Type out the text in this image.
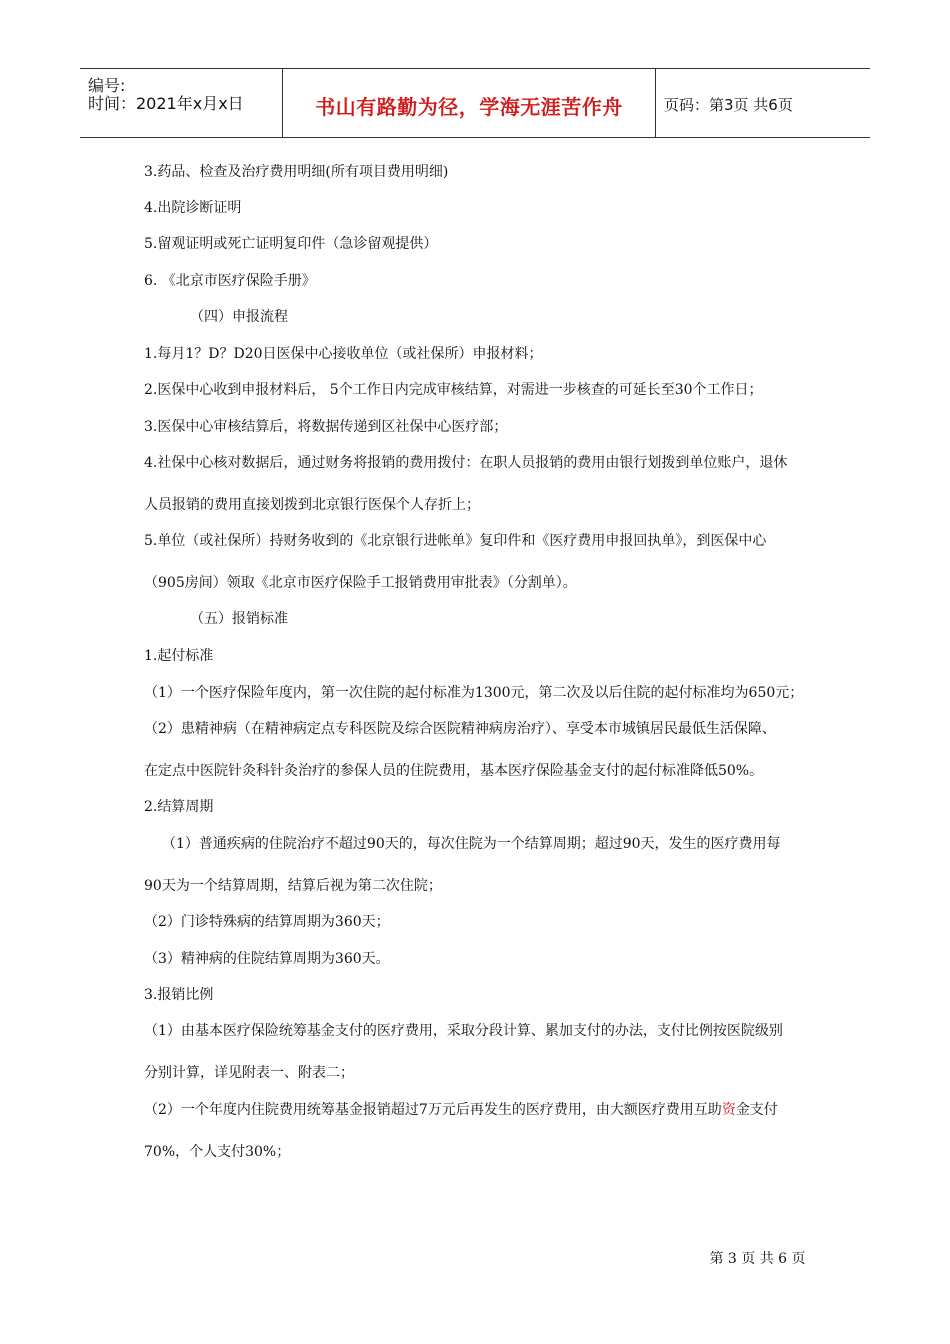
编号:
时间：2021年x月x日	书山有路勤为径，学海无涯苦作舟	页码：第3页 共6页
3.药品、检查及治疗费用明细(所有项目费用明细)
4.出院诊断证明
5.留观证明或死亡证明复印件（急诊留观提供）
6. 《北京市医疗保险手册》
（四）申报流程
1.每月1？D？D20日医保中心接收单位（或社保所）申报材料；
2.医保中心收到申报材料后， 5个工作日内完成审核结算，对需进一步核查的可延长至30个工作日；
3.医保中心审核结算后，将数据传递到区社保中心医疗部；
4.社保中心核对数据后，通过财务将报销的费用拨付：在职人员报销的费用由银行划拨到单位账户，退休
人员报销的费用直接划拨到北京银行医保个人存折上；
5.单位（或社保所）持财务收到的《北京银行进帐单》复印件和《医疗费用申报回执单》，到医保中心
（905房间）领取《北京市医疗保险手工报销费用审批表》（分割单）。
（五）报销标准
1.起付标准
（1）一个医疗保险年度内，第一次住院的起付标准为1300元，第二次及以后住院的起付标准均为650元；
（2）患精神病（在精神病定点专科医院及综合医院精神病房治疗）、享受本市城镇居民最低生活保障、
在定点中医院针灸科针灸治疗的参保人员的住院费用，基本医疗保险基金支付的起付标准降低50%。
2.结算周期
（1）普通疾病的住院治疗不超过90天的，每次住院为一个结算周期；超过90天，发生的医疗费用每
90天为一个结算周期，结算后视为第二次住院；
（2）门诊特殊病的结算周期为360天；
（3）精神病的住院结算周期为360天。
3.报销比例
（1）由基本医疗保险统筹基金支付的医疗费用，采取分段计算、累加支付的办法，支付比例按医院级别
分别计算，详见附表一、附表二；
（2）一个年度内住院费用统筹基金报销超过7万元后再发生的医疗费用，由大额医疗费用互助资金支付
70%，个人支付30%；
第 3 页 共 6 页
